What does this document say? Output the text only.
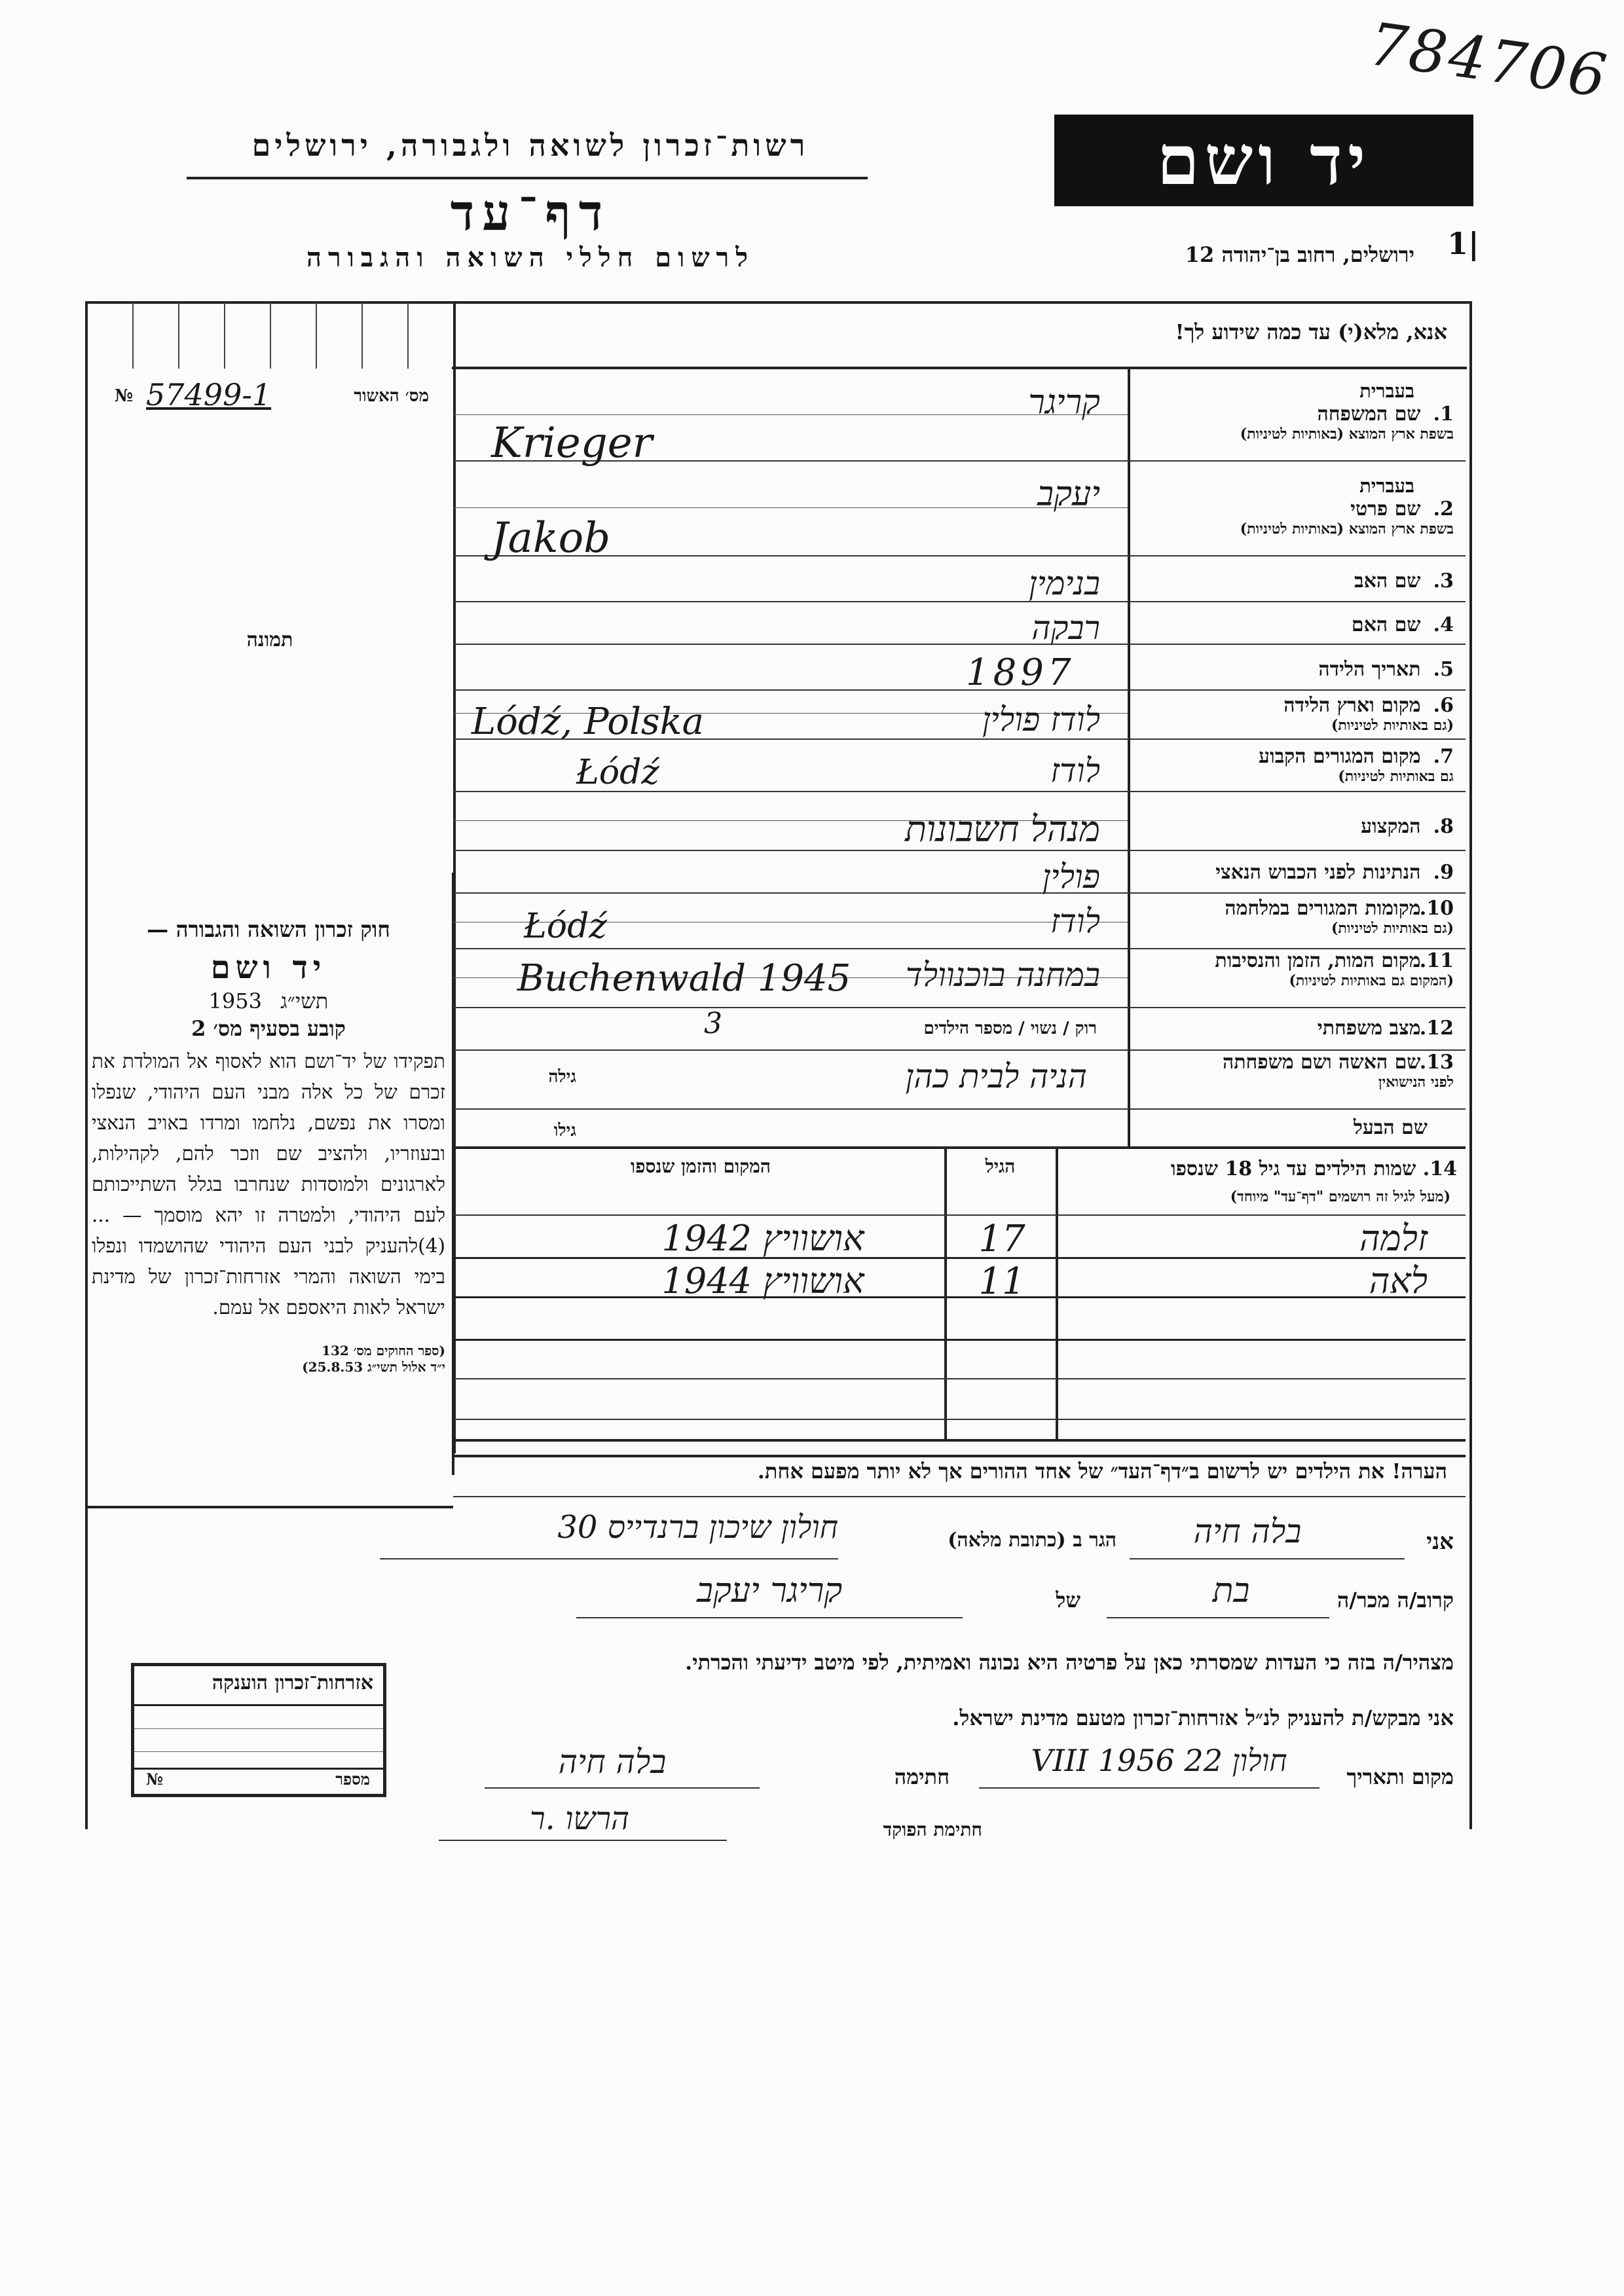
784706
רשות־זכרון לשואה ולגבורה, ירושלים
דף־עד
לרשום חללי השואה והגבורה
יד ושם
ירושלים, רחוב בן־יהודה 12 1|
אנא, מלא(י) עד כמה שידוע לך!
№ 57499-1	מס׳ האשור
תמונה
חוק זכרון השואה והגבורה —
יד ושם
תשי״ג 1953
קובע בסעיף מס׳ 2
תפקידו של יד־ושם הוא לאסוף אל המולדת את זכרם של כל אלה מבני העם היהודי, שנפלו ומסרו את נפשם, נלחמו ומרדו באויב הנאצי ובעוזריו, ולהציב שם וזכר להם, לקהילות, לארגונים ולמוסדות שנחרבו בגלל השתייכותם לעם היהודי, ולמטרה זו יהא מוסמך — ...(4)להעניק לבני העם היהודי שהושמדו ונפלו בימי השואה והמרי אזרחות־זכרון של מדינת ישראל לאות היאספם אל עמם.
(ספר החוקים מס׳ 132
י״ד אלול תשי״ג 25.8.53)
בעברית
1. שם המשפחה
בשפת ארץ המוצא (באותיות לטיניות)
בעברית
2. שם פרטי
בשפת ארץ המוצא (באותיות לטיניות)
3. שם האב
4. שם האם
5. תאריך הלידה
6. מקום וארץ הלידה
(גם באותיות לטיניות)
7. מקום המגורים הקבוע
גם באותיות לטיניות)
8. המקצוע
9. הנתינות לפני הכבוש הנאצי
10. מקומות המגורים במלחמה
(גם באותיות לטיניות)
11. מקום המות, הזמן והנסיבות
(המקום גם באותיות לטיניות)
12. מצב משפחתי
13. שם האשה ושם משפחתה
לפני הנישואין
שם הבעל
קריגר
Krieger
יעקב
Jakob
בנימין
רבקה
1897
לודז פולין
Lódź, Polska
לודז
Łódź
מנהל חשבונות
פולין
לודז
Łódź
במחנה בוכנוולד
Buchenwald 1945
רוק / נשוי / מספר הילדים
3
הניה לבית כהן
גילה
גילו
14. שמות הילדים עד גיל 18 שנספו
(מעל לגיל זה רושמים "דף־עד" מיוחד)
הגיל
המקום והזמן שנספו
זלמה
17
אושוויץ 1942
לאה
11
אושוויץ 1944
הערה! את הילדים יש לרשום ב״דף־העד״ של אחד ההורים אך לא יותר מפעם אחת.
אני
בלה חיה
הגר ב (כתובת מלאה)
חולון שיכון ברנדייס 30
קרוב/ה מכר/ה
בת
של
קריגר יעקב
מצהיר/ה בזה כי העדות שמסרתי כאן על פרטיה היא נכונה ואמיתית, לפי מיטב ידיעתי והכרתי.
אני מבקש/ת להעניק לנ״ל אזרחות־זכרון מטעם מדינת ישראל.
מקום ותאריך
חולון 22 VIII 1956
חתימה
בלה חיה
חתימת הפוקד
הרשו .ר
אזרחות־זכרון הוענקה
№	מספר
